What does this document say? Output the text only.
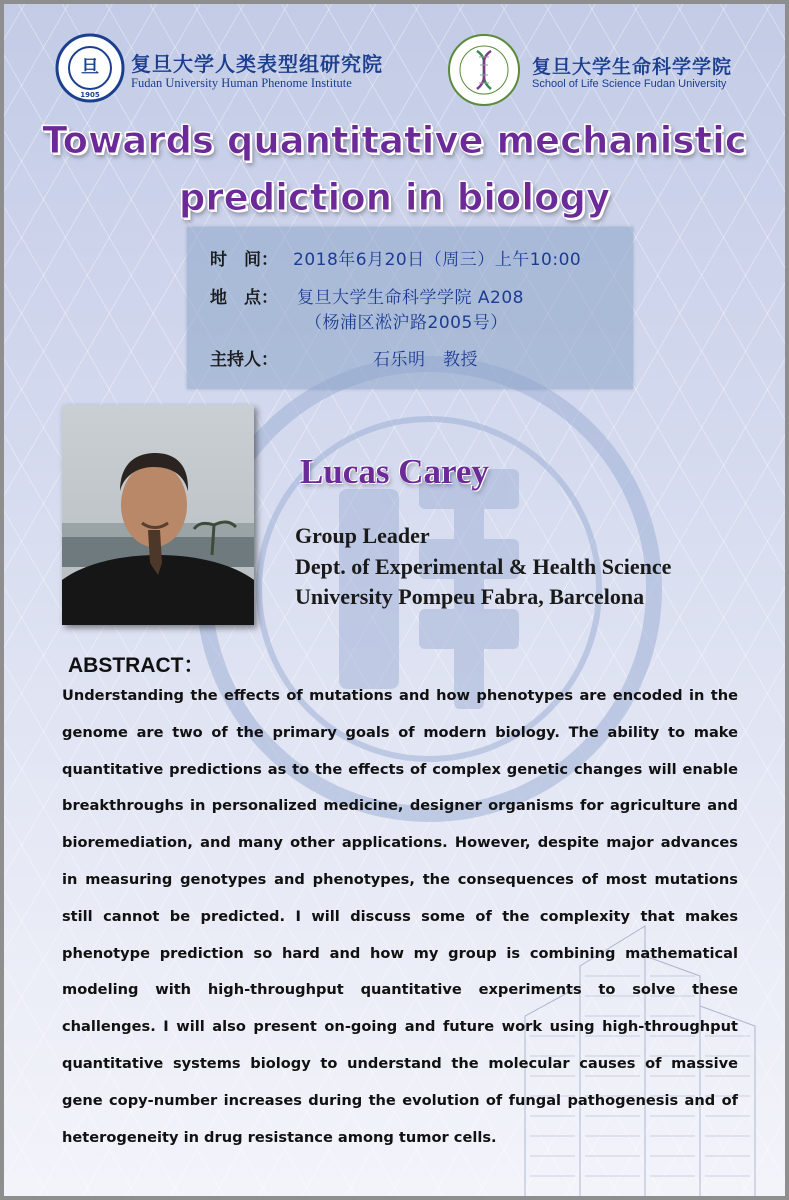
旦
1905
复旦大学人类表型组研究院
Fudan University Human Phenome Institute
复旦大学生命科学学院
School of Life Science Fudan University
Towards quantitative mechanistic
prediction in biology
时　间： 2018年6月20日（周三）上午10:00
地　点： 复旦大学生命科学学院 A208
（杨浦区淞沪路2005号）
主持人：	石乐明　教授
Lucas Carey
Group Leader
Dept. of Experimental & Health Science
University Pompeu Fabra, Barcelona
ABSTRACT：
Understanding the effects of mutations and how phenotypes are encoded in the genome are two of the primary goals of modern biology. The ability to make quantitative predictions as to the effects of complex genetic changes will enable breakthroughs in personalized medicine, designer organisms for agriculture and bioremediation, and many other applications. However, despite major advances in measuring genotypes and phenotypes, the consequences of most mutations still cannot be predicted. I will discuss some of the complexity that makes phenotype prediction so hard and how my group is combining mathematical modeling with high-throughput quantitative experiments to solve these challenges. I will also present on-going and future work using high-throughput quantitative systems biology to understand the molecular causes of massive gene copy-number increases during the evolution of fungal pathogenesis and of heterogeneity in drug resistance among tumor cells.
